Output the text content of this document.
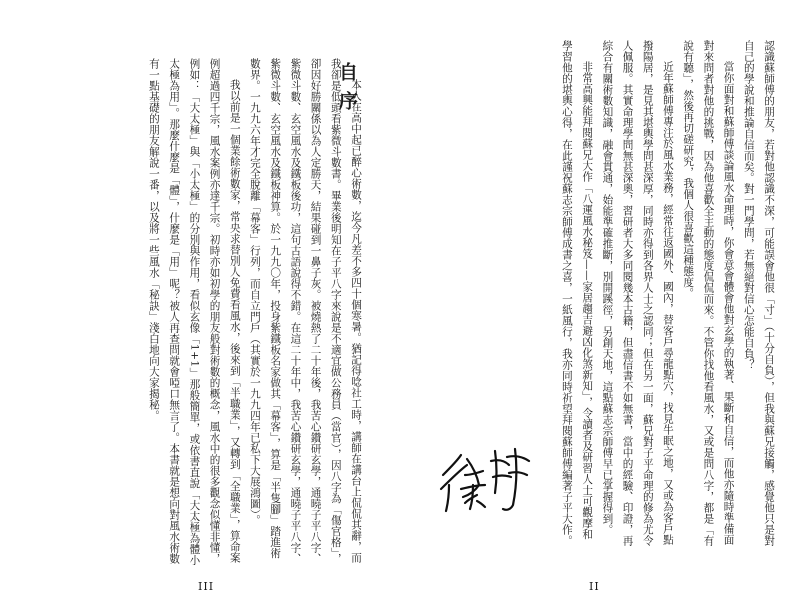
自序

本人在高中起已醉心術數，迄今凡差不多四十個寒暑。猶記得唸社工時，講師在講台上侃侃其辭，而我卻是低頭看紫微斗數書。畢業後明知在子平八字來說是不適宜做公務員（當官），因八字為「傷官格」，卻因好勝關係以為人定勝天，結果碰到一鼻子灰。被燒熱了二十年後，我苦心鑽研玄學，通曉子平八字、紫微斗數、玄空風水及鐵板後功，這句古語說得不錯。在這二十年中，我苦心鑽研玄學，通曉子平八字、紫微斗數、玄空風水及鐵板神算。於一九九〇年，投身紫鐵板名家做其「幕客」，算是「半隻腳」踏進術數界。一九九六年才完全脫離「幕客」行列，而自立門戶（其實於一九九四年已私下大展鴻圖）。

我以前是一個業餘術數家，常央求替別人免費看風水，後來到「半職業」，又轉到「全職業」，算命案例超過四千宗，風水案例亦達千宗。初時亦如初學的朋友般對術數的概念，風水中的很多觀念似懂非懂，例如：「大太極」與「小太極」的分別與作用，看似玄像「1+1」那般簡單，或依書直說「大太極為體小太極為用」。那麼什麼是「體」，什麼是「用」呢？被人再查問就會啞口無言了。本書就是想向對風水術數有一點基礎的朋友解說一番，以及將一些風水「秘訣」淺白地向大家揭秘。

III

認識蘇師傅的朋友，若對他認識不深，可能誤會他很「寸」（十分自負），但我與蘇兄接觸，感覺他只是對自己的學說和推論自信而矣。對一門學問，若無絕對信心怎能自負？

當你面對和蘇師傅談論風水命理時，你會意會體會他對玄學的執著、果斷和自信，而他亦隨時準備面對來問者對他的挑戰，因為他喜歡全主動的態度侃侃而來。不管你找他看風水，又或是問八字，都是「有說有聽」，然後再切磋研究，我個人很喜歡這種態度。

近年蘇師傅專注於風水業務，經常往返國外、國內，替客戶尋龍點穴，找見牛眠之地，又或為客戶點撥陽居，是見其堪輿學問甚深厚，同時亦得到各界人士之認同；但在另一面，蘇兄對子平命理的修為尤令人佩服。其實命理學問無甚深奧，習研者大多同閱幾本古籍，但盡信書不如無書，當中的經驗、印證，再綜合有關術數知識，融會貫通，始能準確推斷，別開蹊徑，另創天地，這點蘇志宗師傅早已掌握得到。

非常高興能拜閱蘇兄大作「八運風水秘笈——家居趨吉避凶化煞新知」，令讀者及研習人士可觀摩和學習他的堪輿心得，在此謹祝蘇志宗師傅成書之喜，一紙風行，我亦同時祈望拜閱蘇師傅編著子平大作。

II
